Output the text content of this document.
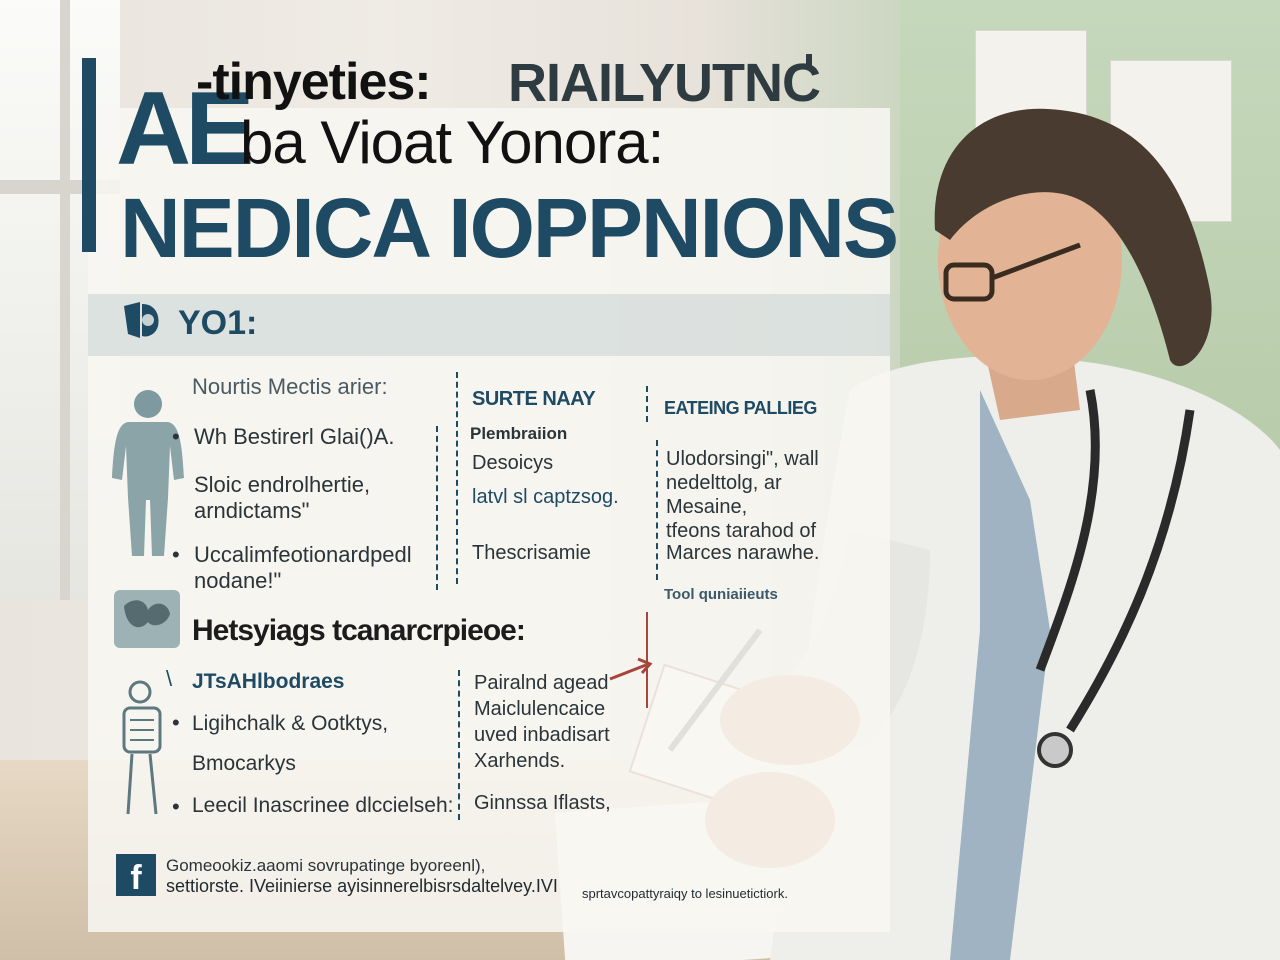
AE
-tinyeties: RIAILYUTNC
ba Vioat Yonora:
NEDICA IOPPNIONS
YO1:
Nourtis Mectis arier:
• Wh Bestirerl Glai()A.
Sloic endrolhertie,
arndictams"
• Uccalimfeotionardpedl
nodane!"
SURTE NAAY
Plembraiion
Desoicys
latvl sl captzsog.
Thescrisamie
EATEING PALLIEG
Ulodorsingi", wall
nedelttolg, ar
Mesaine,
tfeons tarahod of
Marces narawhe.
Tool quniaiieuts
Hetsyiags tcanarcrpieoe:
\ JTsAHlbodraes
• Ligihchalk & Ootktys,
Bmocarkys
• Leecil Inascrinee dlccielseh:
Pairalnd agead
Maiclulencaice
uved inbadisart
Xarhends.
Ginnssa Iflasts,
f	Gomeookiz.aaomi sovrupatinge byoreenl),
settiorste. IVeiinierse ayisinnerelbisrsdaltelvey.IVI sprtavcopattyraiqy to lesinuetictiork.
